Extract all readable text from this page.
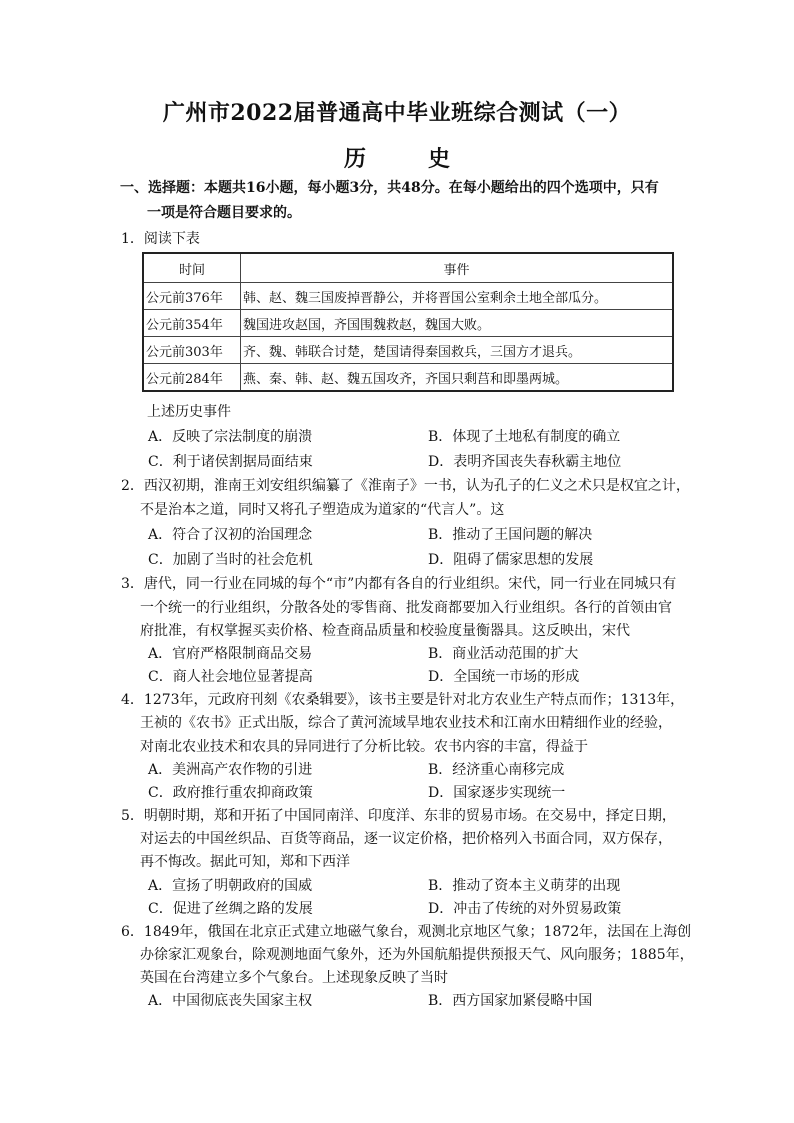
广州市2022届普通高中毕业班综合测试（一）
历　史
一、选择题：本题共16小题，每小题3分，共48分。在每小题给出的四个选项中，只有
一项是符合题目要求的。
1．阅读下表
时间	事件
公元前376年	韩、赵、魏三国废掉晋静公，并将晋国公室剩余土地全部瓜分。
公元前354年	魏国进攻赵国，齐国围魏救赵，魏国大败。
公元前303年	齐、魏、韩联合讨楚，楚国请得秦国救兵，三国方才退兵。
公元前284年	燕、秦、韩、赵、魏五国攻齐，齐国只剩莒和即墨两城。
上述历史事件
A．反映了宗法制度的崩溃	B．体现了土地私有制度的确立
C．利于诸侯割据局面结束	D．表明齐国丧失春秋霸主地位
2．西汉初期，淮南王刘安组织编纂了《淮南子》一书，认为孔子的仁义之术只是权宜之计，
不是治本之道，同时又将孔子塑造成为道家的“代言人”。这
A．符合了汉初的治国理念	B．推动了王国问题的解决
C．加剧了当时的社会危机	D．阻碍了儒家思想的发展
3．唐代，同一行业在同城的每个“市”内都有各自的行业组织。宋代，同一行业在同城只有
一个统一的行业组织，分散各处的零售商、批发商都要加入行业组织。各行的首领由官
府批准，有权掌握买卖价格、检查商品质量和校验度量衡器具。这反映出，宋代
A．官府严格限制商品交易	B．商业活动范围的扩大
C．商人社会地位显著提高	D．全国统一市场的形成
4．1273年，元政府刊刻《农桑辑要》，该书主要是针对北方农业生产特点而作；1313年，
王祯的《农书》正式出版，综合了黄河流域旱地农业技术和江南水田精细作业的经验，
对南北农业技术和农具的异同进行了分析比较。农书内容的丰富，得益于
A．美洲高产农作物的引进	B．经济重心南移完成
C．政府推行重农抑商政策	D．国家逐步实现统一
5．明朝时期，郑和开拓了中国同南洋、印度洋、东非的贸易市场。在交易中，择定日期，
对运去的中国丝织品、百货等商品，逐一议定价格，把价格列入书面合同，双方保存，
再不悔改。据此可知，郑和下西洋
A．宣扬了明朝政府的国威	B．推动了资本主义萌芽的出现
C．促进了丝绸之路的发展	D．冲击了传统的对外贸易政策
6．1849年，俄国在北京正式建立地磁气象台，观测北京地区气象；1872年，法国在上海创
办徐家汇观象台，除观测地面气象外，还为外国航船提供预报天气、风向服务；1885年，
英国在台湾建立多个气象台。上述现象反映了当时
A．中国彻底丧失国家主权	B．西方国家加紧侵略中国
